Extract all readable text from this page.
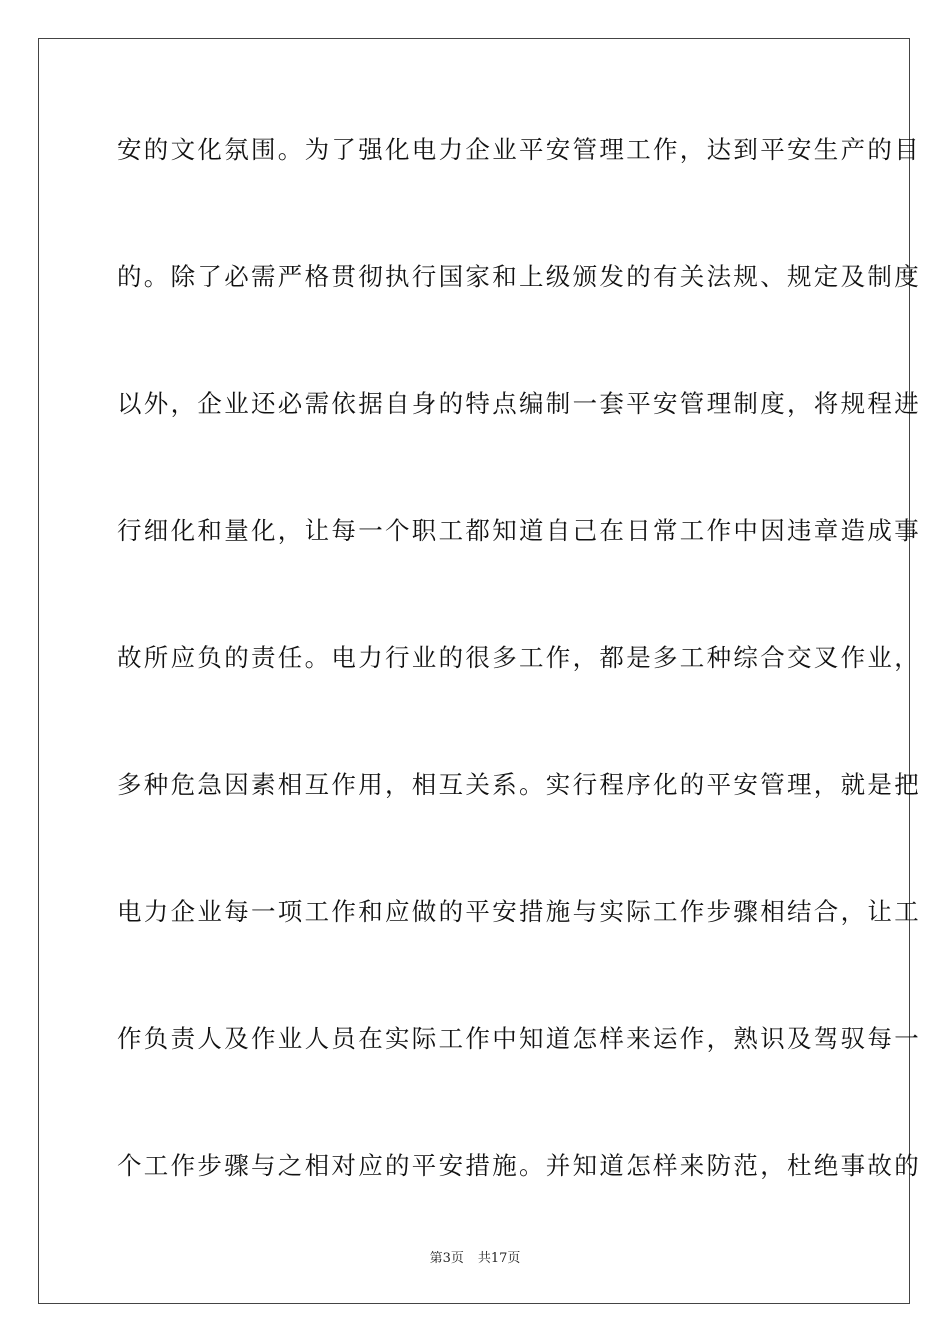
安的文化氛围。为了强化电力企业平安管理工作，达到平安生产的目
的。除了必需严格贯彻执行国家和上级颁发的有关法规、规定及制度
以外，企业还必需依据自身的特点编制一套平安管理制度，将规程进
行细化和量化，让每一个职工都知道自己在日常工作中因违章造成事
故所应负的责任。电力行业的很多工作，都是多工种综合交叉作业，
多种危急因素相互作用，相互关系。实行程序化的平安管理，就是把
电力企业每一项工作和应做的平安措施与实际工作步骤相结合，让工
作负责人及作业人员在实际工作中知道怎样来运作，熟识及驾驭每一
个工作步骤与之相对应的平安措施。并知道怎样来防范，杜绝事故的
第3页 共17页
